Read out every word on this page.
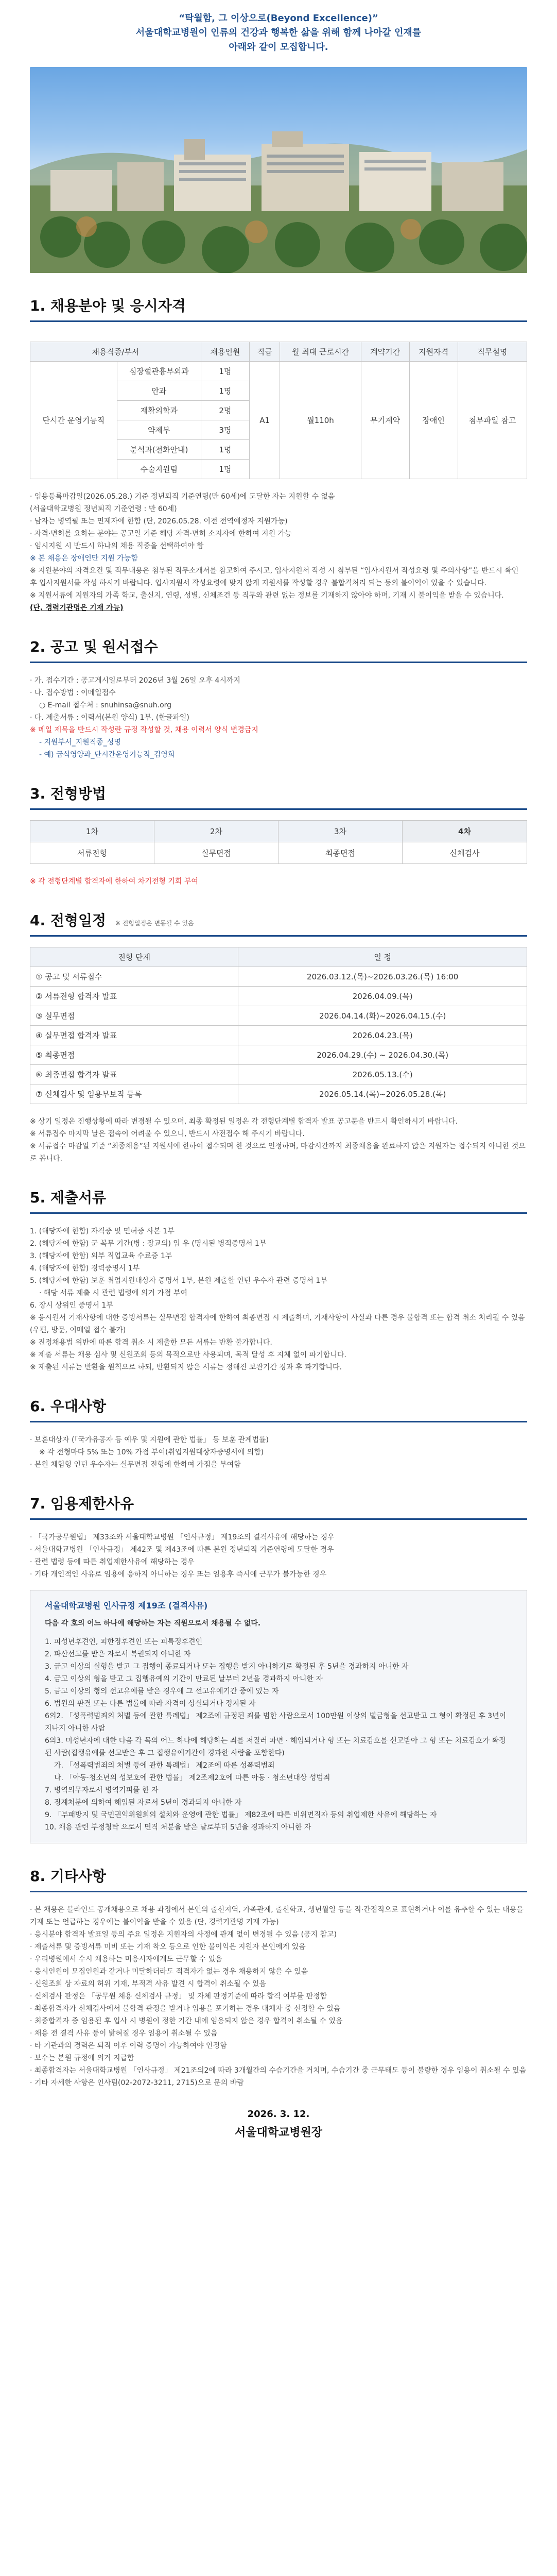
“탁월함, 그 이상으로(Beyond Excellence)”
서울대학교병원이 인류의 건강과 행복한 삶을 위해 함께 나아갈 인재를
아래와 같이 모집합니다.
1. 채용분야 및 응시자격
채용직종/부서		채용인원	직급	월 최대 근로시간	계약기간	지원자격	직무설명
단시간 운영기능직	심장혈관흉부외과	1명	A1	월110h	무기계약	장애인	첨부파일 참고
	안과	1명					
	재활의학과	2명					
	약제부	3명					
	분석과(전화안내)	1명					
	수술지원팀	1명					

· 임용등록마감일(2026.05.28.) 기준 정년퇴직 기준연령(만 60세)에 도달한 자는 지원할 수 없음

(서울대학교병원 정년퇴직 기준연령 : 만 60세)

· 남자는 병역필 또는 면제자에 한함 (단, 2026.05.28. 이전 전역예정자 지원가능)

· 자격·면허를 요하는 분야는 공고일 기준 해당 자격·면허 소지자에 한하여 지원 가능

· 임시지원 시 반드시 하나의 채용 직종을 선택하여야 함

※ 본 채용은 장애인만 지원 가능함

※ 지원분야의 자격요건 및 직무내용은 첨부된 직무소개서를 참고하여 주시고, 입사지원서 작성 시 첨부된 “입사지원서 작성요령 및 주의사항”을 반드시 확인 후 입사지원서를 작성 하시기 바랍니다. 입사지원서 작성요령에 맞지 않게 지원서를 작성할 경우 불합격처리 되는 등의 불이익이 있을 수 있습니다.

※ 지원서류에 지원자의 가족 학교, 출신지, 연령, 성별, 신체조건 등 직무와 관련 없는 정보를 기재하지 않아야 하며, 기재 시 불이익을 받을 수 있습니다.

(단, 경력기관명은 기재 가능)

2. 공고 및 원서접수

· 가. 접수기간 : 공고게시일로부터 2026년 3월 26일 오후 4시까지

· 나. 접수방법 : 이메일접수

○ E-mail 접수처 : snuhinsa@snuh.org

· 다. 제출서류 : 이력서(본원 양식) 1부, (한글파일)

※ 메일 제목을 반드시 작성란 규정 작성할 것, 채용 이력서 양식 변경금지

- 지원부서_지원직종_성명

- 예) 급식영양과_단시간운영기능직_김영희

3. 전형방법
1차	2차	3차	4차
서류전형	실무면접	최종면접	신체검사
※ 각 전형단계별 합격자에 한하여 차기전형 기회 부여
4. 전형일정 ※ 전형일정은 변동될 수 있음
전형 단계	일 정
① 공고 및 서류접수	2026.03.12.(목)~2026.03.26.(목) 16:00
② 서류전형 합격자 발표	2026.04.09.(목)
③ 실무면접	2026.04.14.(화)~2026.04.15.(수)
④ 실무면접 합격자 발표	2026.04.23.(목)
⑤ 최종면접	2026.04.29.(수) ~ 2026.04.30.(목)
⑥ 최종면접 합격자 발표	2026.05.13.(수)
⑦ 신체검사 및 임용부보직 등록	2026.05.14.(목)~2026.05.28.(목)

※ 상기 일정은 진행상황에 따라 변경될 수 있으며, 최종 확정된 일정은 각 전형단계별 합격자 발표 공고문을 반드시 확인하시기 바랍니다.

※ 서류접수 마지막 날은 접속이 어려울 수 있으니, 반드시 사전접수 해 주시기 바랍니다.

※ 서류접수 마감일 기준 “최종채용”된 지원서에 한하여 접수되며 한 것으로 인정하며, 마감시간까지 최종채용을 완료하지 않은 지원자는 접수되지 아니한 것으로 봅니다.

5. 제출서류

1. (해당자에 한함) 자격증 및 면허증 사본 1부

2. (해당자에 한함) 군 복무 기간(병 : 장교의) 입 우 (명시된 병적증명서 1부

3. (해당자에 한함) 외부 직업교육 수료증 1부

4. (해당자에 한함) 경력증명서 1부

5. (해당자에 한함) 보훈 취업지원대상자 증명서 1부, 본원 제출할 인턴 우수자 관련 증명서 1부

· 해당 서류 제출 시 관련 법령에 의거 가점 부여

6. 장시 상위인 증명서 1부

※ 응시원서 기재사항에 대한 증빙서류는 실무면접 합격자에 한하여 최종면접 시 제출하며, 기재사항이 사실과 다른 경우 불합격 또는 합격 취소 처리될 수 있음 (우편, 방문, 이메일 접수 불가)

※ 진정채용법 위반에 따른 합격 취소 시 제출한 모든 서류는 반환 불가합니다.

※ 제출 서류는 채용 심사 및 신원조회 등의 목적으로만 사용되며, 목적 달성 후 지체 없이 파기합니다.

※ 제출된 서류는 반환을 원칙으로 하되, 반환되지 않은 서류는 정해진 보관기간 경과 후 파기합니다.

6. 우대사항

· 보훈대상자 (「국가유공자 등 예우 및 지원에 관한 법률」 등 보훈 관계법률)

※ 각 전형마다 5% 또는 10% 가점 부여(취업지원대상자증명서에 의함)

· 본원 체험형 인턴 우수자는 실무면접 전형에 한하여 가점을 부여함

7. 임용제한사유

· 「국가공무원법」 제33조와 서울대학교병원 「인사규정」 제19조의 결격사유에 해당하는 경우

· 서울대학교병원 「인사규정」 제42조 및 제43조에 따른 본원 정년퇴직 기준연령에 도달한 경우

· 관련 법령 등에 따른 취업제한사유에 해당하는 경우

· 기타 개인적인 사유로 임용에 응하지 아니하는 경우 또는 임용후 즉시에 근무가 불가능한 경우

서울대학교병원 인사규정 제19조 (결격사유)
다음 각 호의 어느 하나에 해당하는 자는 직원으로서 채용될 수 없다.
1. 피성년후견인, 피한정후견인 또는 피특정후견인
2. 파산선고를 받은 자로서 복권되지 아니한 자
3. 금고 이상의 실형을 받고 그 집행이 종료되거나 또는 집행을 받지 아니하기로 확정된 후 5년을 경과하지 아니한 자
4. 금고 이상의 형을 받고 그 집행유예의 기간이 만료된 날부터 2년을 경과하지 아니한 자
5. 금고 이상의 형의 선고유예를 받은 경우에 그 선고유예기간 중에 있는 자
6. 법원의 판결 또는 다른 법률에 따라 자격이 상실되거나 정지된 자
6의2. 「성폭력범죄의 처벌 등에 관한 특례법」 제2조에 규정된 죄를 범한 사람으로서 100만원 이상의 벌금형을 선고받고 그 형이 확정된 후 3년이 지나지 아니한 사람
6의3. 미성년자에 대한 다음 각 목의 어느 하나에 해당하는 죄를 저질러 파면 · 해임되거나 형 또는 치료감호를 선고받아 그 형 또는 치료감호가 확정된 사람(집행유예를 선고받은 후 그 집행유예기간이 경과한 사람을 포함한다)
가. 「성폭력범죄의 처벌 등에 관한 특례법」 제2조에 따른 성폭력범죄
나. 「아동·청소년의 성보호에 관한 법률」 제2조제2호에 따른 아동 · 청소년대상 성범죄
7. 병역의무자로서 병역기피를 한 자
8. 징계처분에 의하여 해임된 자로서 5년이 경과되지 아니한 자
9. 「부패방지 및 국민권익위원회의 설치와 운영에 관한 법률」 제82조에 따른 비위면직자 등의 취업제한 사유에 해당하는 자
10. 채용 관련 부정청탁 으로서 면직 처분을 받은 날로부터 5년을 경과하지 아니한 자
8. 기타사항

· 본 채용은 블라인드 공개채용으로 채용 과정에서 본인의 출신지역, 가족관계, 출신학교, 생년월일 등을 직·간접적으로 표현하거나 이를 유추할 수 있는 내용을 기재 또는 언급하는 경우에는 불이익을 받을 수 있음 (단, 경력기관명 기재 가능)

· 응시분야 합격자 발표일 등의 주요 일정은 지원자의 사정에 관계 없이 변경될 수 있음 (공지 참고)

· 제출서류 및 증빙서류 미비 또는 기재 착오 등으로 인한 불이익은 지원자 본인에게 있음

· 우리병원에서 수시 채용하는 미응시자에게도 근무할 수 있음

· 응시인원이 모집인원과 같거나 미달하더라도 적격자가 없는 경우 채용하지 않을 수 있음

· 신원조회 상 자료의 허위 기재, 부적격 사유 발견 시 합격이 취소될 수 있음

· 신체검사 판정은 「공무원 채용 신체검사 규정」 및 자체 판정기준에 따라 합격 여부를 판정함

· 최종합격자가 신체검사에서 불합격 판정을 받거나 임용을 포기하는 경우 대체자 중 선정할 수 있음

· 최종합격자 중 임용된 후 입사 시 병원이 정한 기간 내에 임용되지 않은 경우 합격이 취소될 수 있음

· 채용 전 결격 사유 등이 밝혀질 경우 임용이 취소될 수 있음

· 타 기관과의 경력은 퇴직 이후 이력 증명이 가능하여야 인정함

· 보수는 본원 규정에 의거 지급함

· 최종합격자는 서울대학교병원 「인사규정」 제21조의2에 따라 3개월간의 수습기간을 거치며, 수습기간 중 근무태도 등이 불량한 경우 임용이 취소될 수 있음

· 기타 자세한 사항은 인사팀(02-2072-3211, 2715)으로 문의 바람

2026. 3. 12.
서울대학교병원장
